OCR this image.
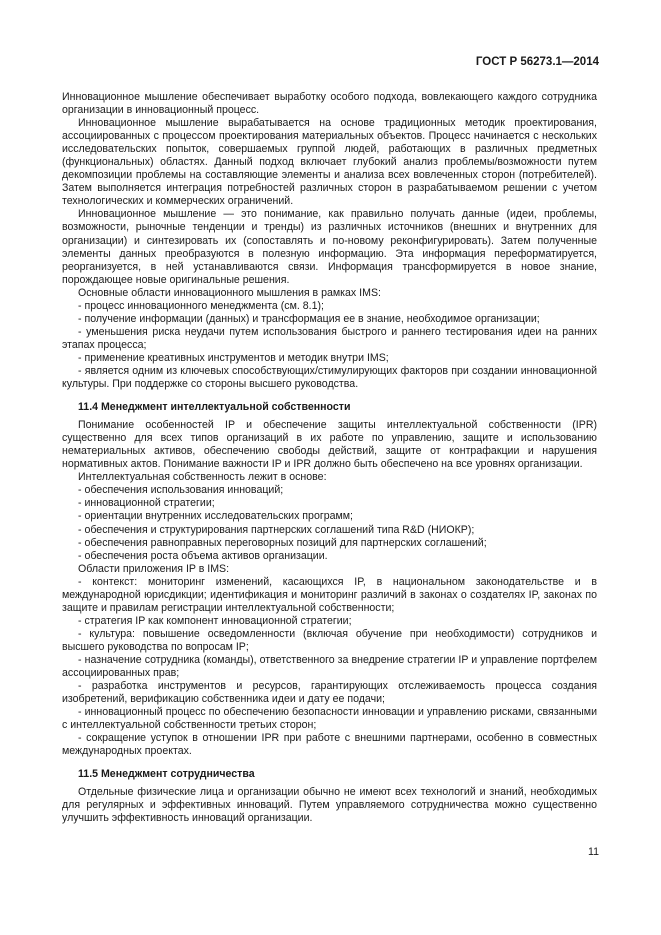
ГОСТ Р 56273.1—2014

Инновационное мышление обеспечивает выработку особого подхода, вовлекающего каждого сотрудника организации в инновационный процесс.

Инновационное мышление вырабатывается на основе традиционных методик проектирования, ассоциированных с процессом проектирования материальных объектов. Процесс начинается с нескольких исследовательских попыток, совершаемых группой людей, работающих в различных предметных (функциональных) областях. Данный подход включает глубокий анализ проблемы/возможности путем декомпозиции проблемы на составляющие элементы и анализа всех вовлеченных сторон (потребителей). Затем выполняется интеграция потребностей различных сторон в разрабатываемом решении с учетом технологических и коммерческих ограничений.

Инновационное мышление — это понимание, как правильно получать данные (идеи, проблемы, возможности, рыночные тенденции и тренды) из различных источников (внешних и внутренних для организации) и синтезировать их (сопоставлять и по-новому реконфигурировать). Затем полученные элементы данных преобразуются в полезную информацию. Эта информация переформатируется, реорганизуется, в ней устанавливаются связи. Информация трансформируется в новое знание, порождающее новые оригинальные решения.

Основные области инновационного мышления в рамках IMS:

- процесс инновационного менеджмента (см. 8.1);

- получение информации (данных) и трансформация ее в знание, необходимое организации;

- уменьшения риска неудачи путем использования быстрого и раннего тестирования идеи на ранних этапах процесса;

- применение креативных инструментов и методик внутри IMS;

- является одним из ключевых способствующих/стимулирующих факторов при создании инновационной культуры. При поддержке со стороны высшего руководства.

11.4 Менеджмент интеллектуальной собственности

Понимание особенностей IP и обеспечение защиты интеллектуальной собственности (IPR) существенно для всех типов организаций в их работе по управлению, защите и использованию нематериальных активов, обеспечению свободы действий, защите от контрафакции и нарушения нормативных актов. Понимание важности IP и IPR должно быть обеспечено на все уровнях организации.

Интеллектуальная собственность лежит в основе:

- обеспечения использования инноваций;

- инновационной стратегии;

- ориентации внутренних исследовательских программ;

- обеспечения и структурирования партнерских соглашений типа R&D (НИОКР);

- обеспечения равноправных переговорных позиций для партнерских соглашений;

- обеспечения роста объема активов организации.

Области приложения IP в IMS:

- контекст: мониторинг изменений, касающихся IP, в национальном законодательстве и в международной юрисдикции; идентификация и мониторинг различий в законах о создателях IP, законах по защите и правилам регистрации интеллектуальной собственности;

- стратегия IP как компонент инновационной стратегии;

- культура: повышение осведомленности (включая обучение при необходимости) сотрудников и высшего руководства по вопросам IP;

- назначение сотрудника (команды), ответственного за внедрение стратегии IP и управление портфелем ассоциированных прав;

- разработка инструментов и ресурсов, гарантирующих отслеживаемость процесса создания изобретений, верификацию собственника идеи и дату ее подачи;

- инновационный процесс по обеспечению безопасности инновации и управлению рисками, связанными с интеллектуальной собственности третьих сторон;

- сокращение уступок в отношении IPR при работе с внешними партнерами, особенно в совместных международных проектах.

11.5 Менеджмент сотрудничества

Отдельные физические лица и организации обычно не имеют всех технологий и знаний, необходимых для регулярных и эффективных инноваций. Путем управляемого сотрудничества можно существенно улучшить эффективность инноваций организации.

11
